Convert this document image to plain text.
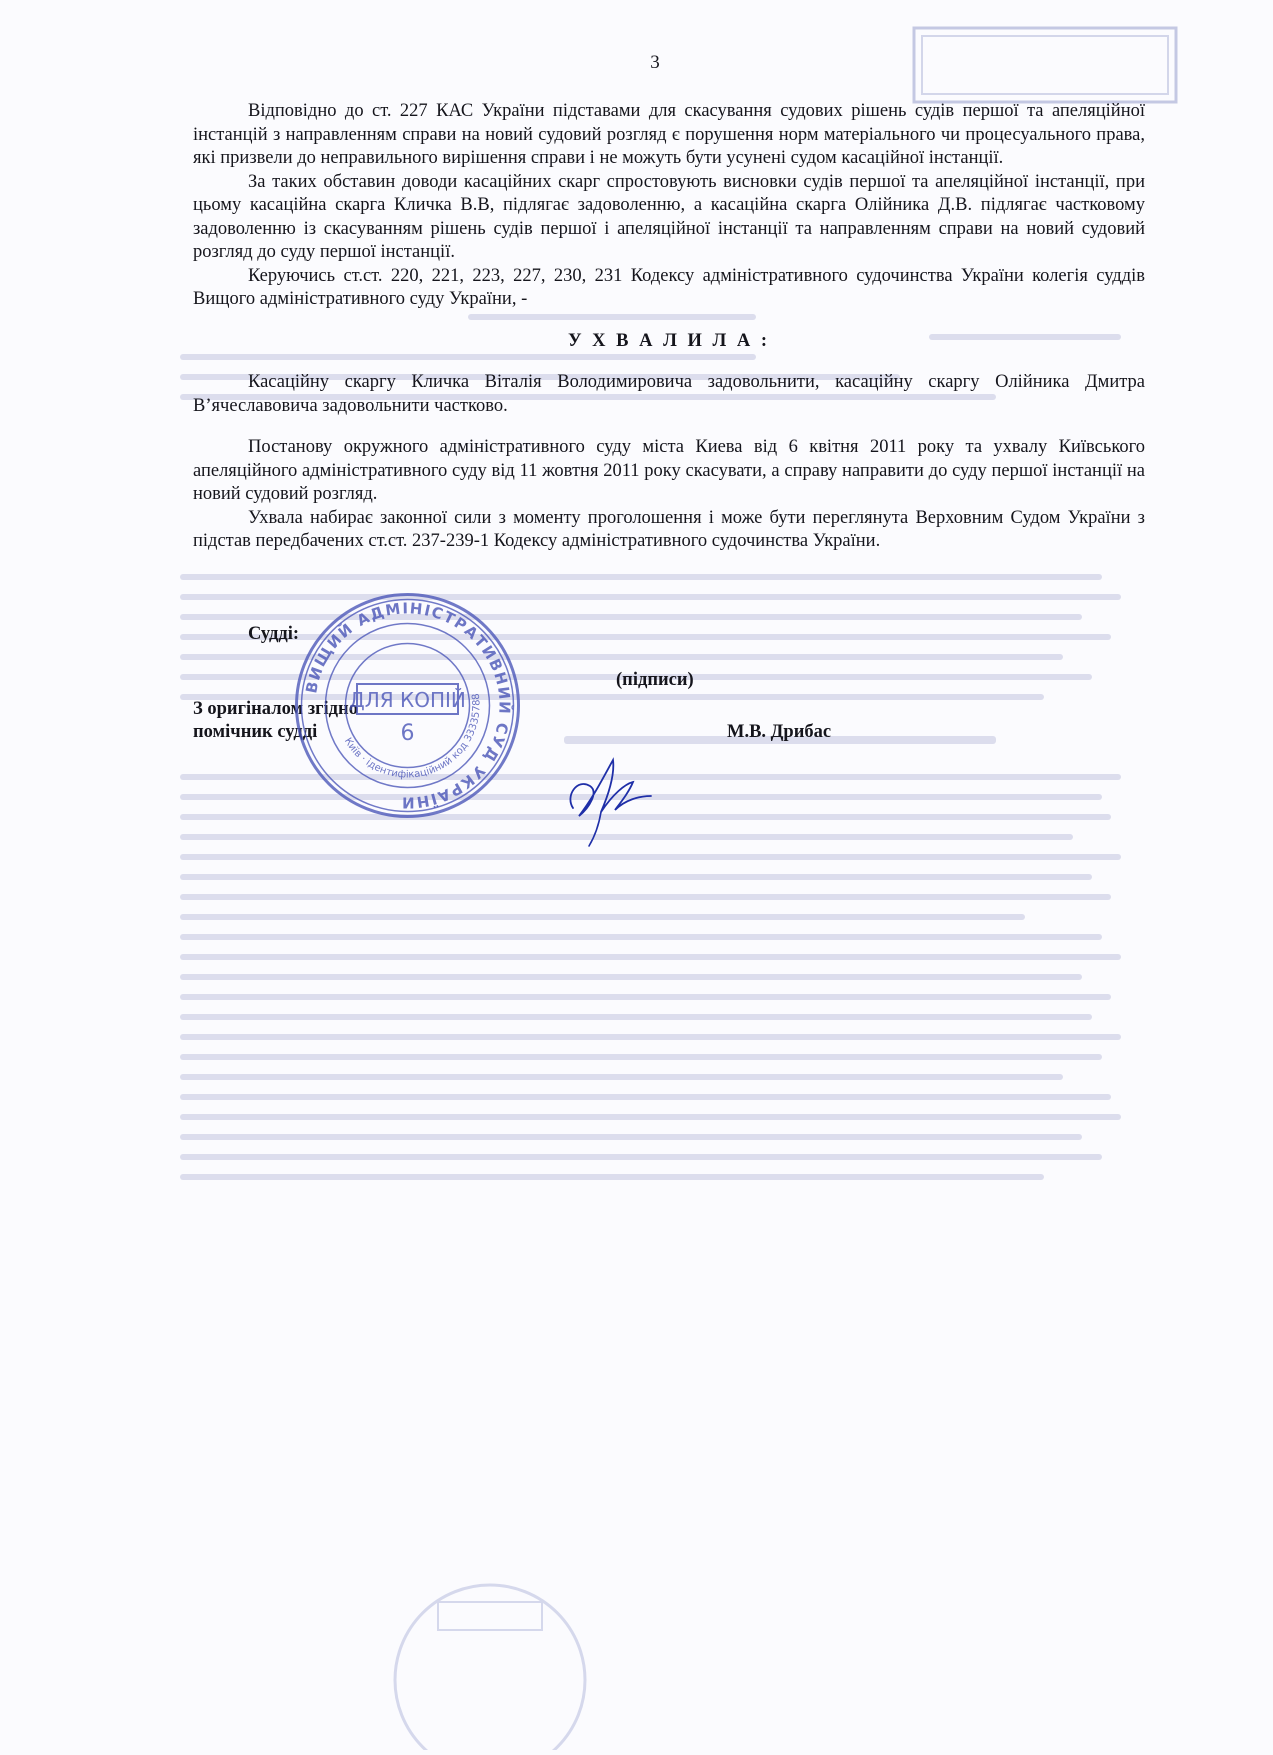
3

Відповідно до ст. 227 КАС України підставами для скасування судових рішень судів першої та апеляційної інстанцій з направленням справи на новий судовий розгляд є порушення норм матеріального чи процесуального права, які призвели до неправильного вирішення справи і не можуть бути усунені судом касаційної інстанції.

За таких обставин доводи касаційних скарг спростовують висновки судів першої та апеляційної інстанції, при цьому касаційна скарга Кличка В.В, підлягає задоволенню, а касаційна скарга Олійника Д.В. підлягає частковому задоволенню із скасуванням рішень судів першої і апеляційної інстанції та направленням справи на новий судовий розгляд до суду першої інстанції.

Керуючись ст.ст. 220, 221, 223, 227, 230, 231 Кодексу адміністративного судочинства України колегія суддів Вищого адміністративного суду України, -

У Х В А Л И Л А :

Касаційну скаргу Кличка Віталія Володимировича задовольнити, касаційну скаргу Олійника Дмитра В’ячеславовича задовольнити частково.

Постанову окружного адміністративного суду міста Киева від 6 квітня 2011 року та ухвалу Київського апеляційного адміністративного суду від 11 жовтня 2011 року скасувати, а справу направити до суду першої інстанції на новий судовий розгляд.

Ухвала набирає законної сили з моменту проголошення і може бути переглянута Верховним Судом України з підстав передбачених ст.ст. 237-239-1 Кодексу адміністративного судочинства України.

Судді:
(підписи)
З оригіналом згідно
помічник судді	М.В. Дрибас
ВИЩИЙ АДМІНІСТРАТИВНИЙ СУД УКРАЇНИ
Київ · ідентифікаційний код 33335788
ДЛЯ КОПІЙ
6
